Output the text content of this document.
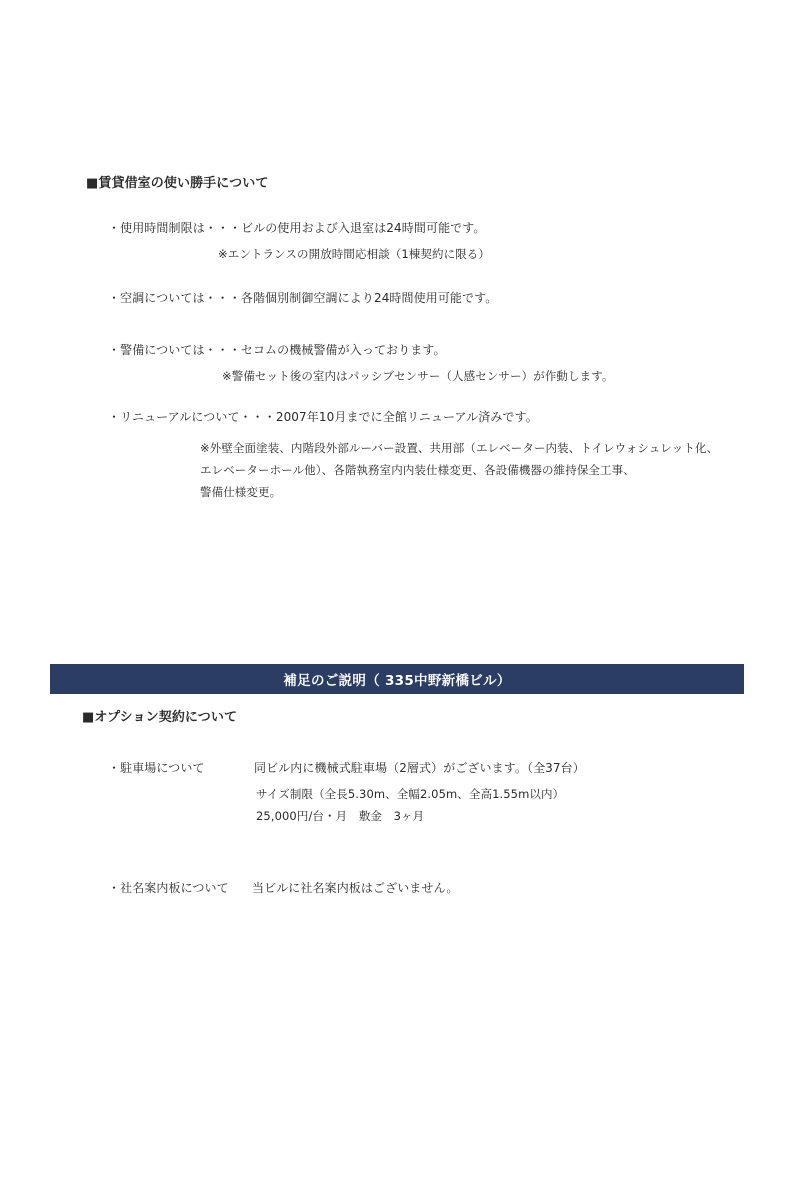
■賃貸借室の使い勝手について
・使用時間制限は・・・ビルの使用および入退室は24時間可能です。
※エントランスの開放時間応相談（1棟契約に限る）
・空調については・・・各階個別制御空調により24時間使用可能です。
・警備については・・・セコムの機械警備が入っております。
※警備セット後の室内はパッシブセンサー（人感センサー）が作動します。
・リニューアルについて・・・2007年10月までに全館リニューアル済みです。
※外壁全面塗装、内階段外部ルーバー設置、共用部（エレベーター内装、トイレウォシュレット化、
エレベーターホール他）、各階執務室内内装仕様変更、各設備機器の維持保全工事、
警備仕様変更。
補足のご説明（ 335中野新橋ビル）
■オプション契約について
・駐車場について	同ビル内に機械式駐車場（2層式）がございます。（全37台）
サイズ制限（全長5.30m、全幅2.05m、全高1.55m以内）
25,000円/台・月　敷金　3ヶ月
・社名案内板について 当ビルに社名案内板はございません。
